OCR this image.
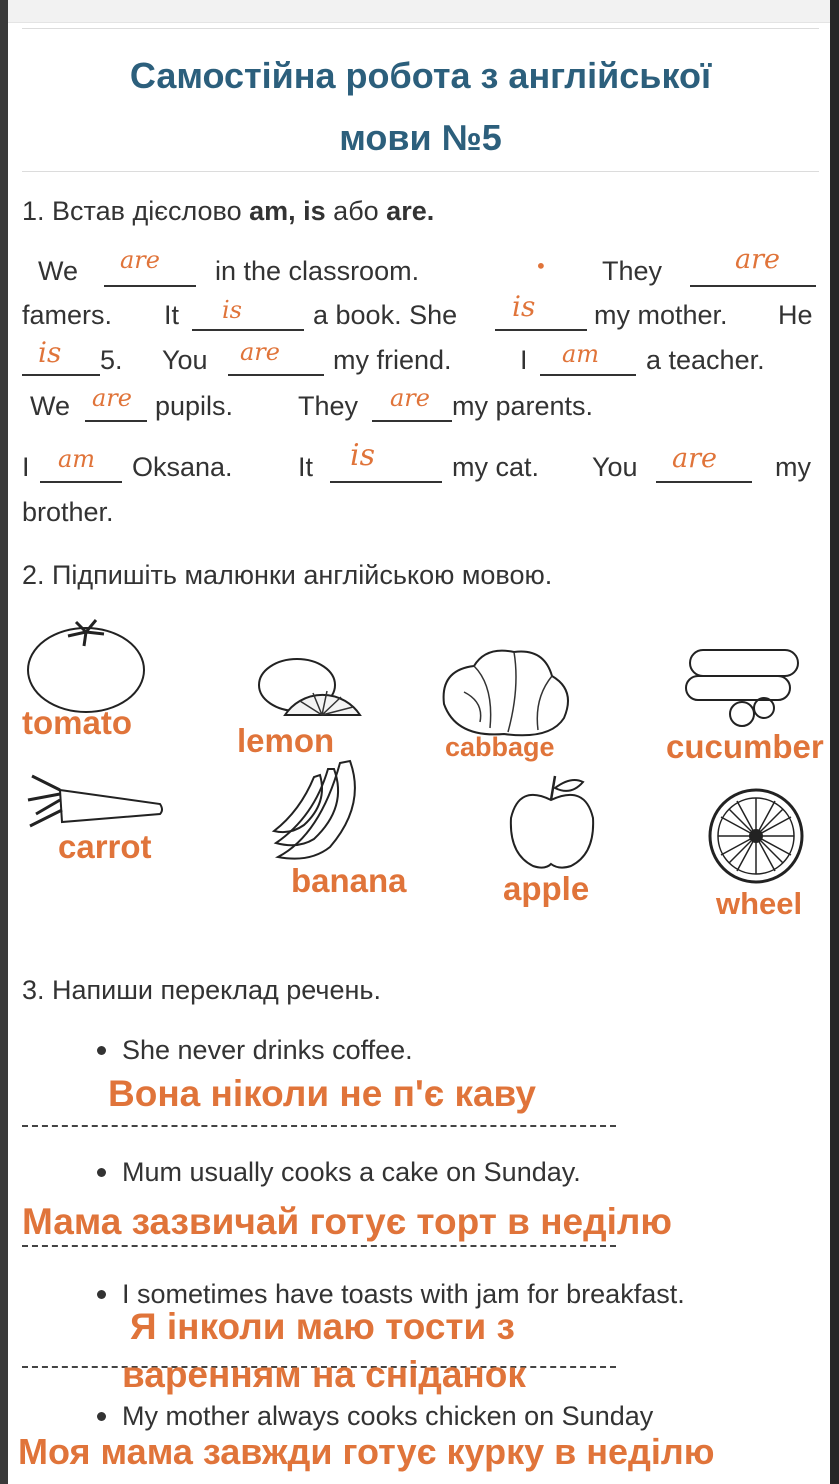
Самостійна робота з англійської
мови №5
1. Встав дієслово am, is або are.
We are in the classroom.	• They	are
famers. It is	a book. She is my mother. He
is 5. You are my friend.	I am a teacher.
We are pupils. They are my parents.
I am Oksana. It is	my cat. You are my
brother.
2. Підпишіть малюнки англійською мовою.
tomato	lemon	cabbage	cucumber
carrot
banana	apple	wheel
3. Напиши переклад речень.
She never drinks coffee.
Вона ніколи не п'є каву
Mum usually cooks a cake on Sunday.
Мама зазвичай готує торт в неділю
I sometimes have toasts with jam for breakfast.
Я інколи маю тости з
варенням на сніданок
My mother always cooks chicken on Sunday
Моя мама завжди готує курку в неділю
